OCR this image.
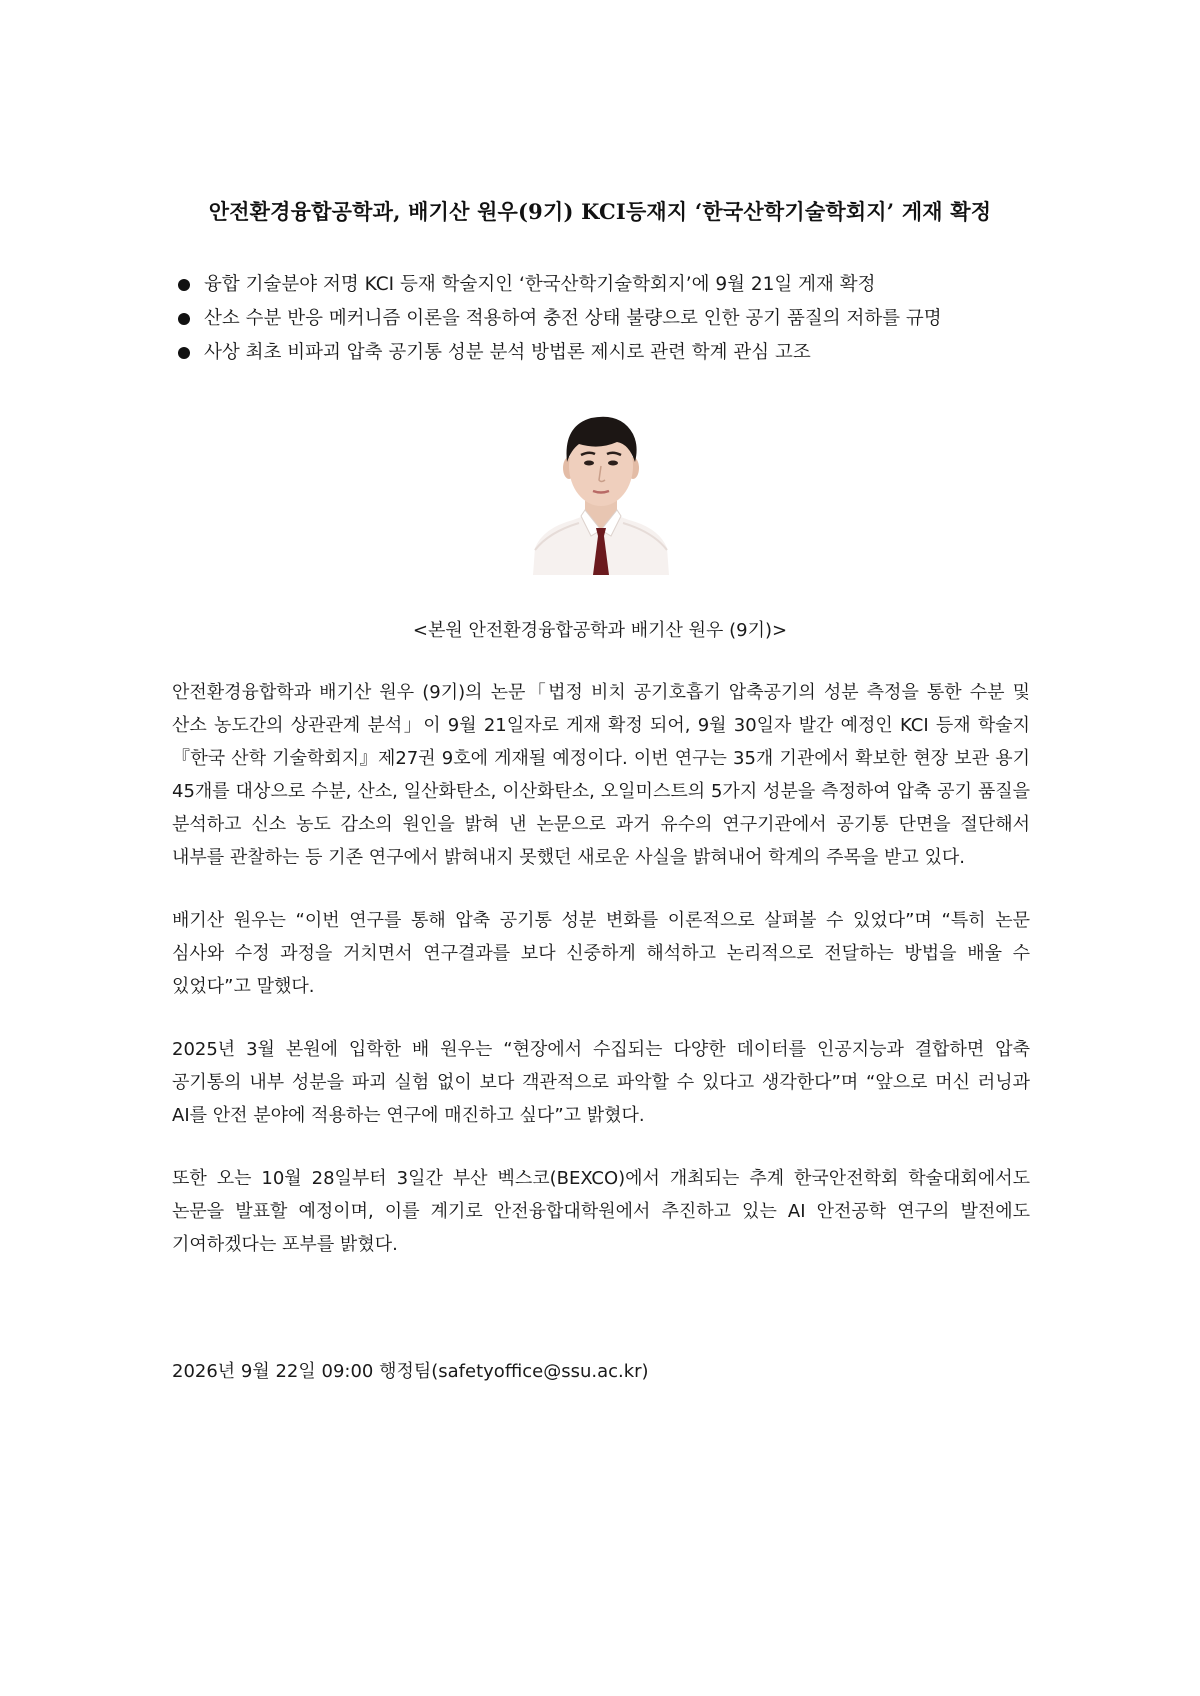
안전환경융합공학과, 배기산 원우(9기) KCI등재지 ‘한국산학기술학회지’ 게재 확정
융합 기술분야 저명 KCI 등재 학술지인 ‘한국산학기술학회지’에 9월 21일 게재 확정
산소 수분 반응 메커니즘 이론을 적용하여 충전 상태 불량으로 인한 공기 품질의 저하를 규명
사상 최초 비파괴 압축 공기통 성분 분석 방법론 제시로 관련 학계 관심 고조
<본원 안전환경융합공학과 배기산 원우 (9기)>

안전환경융합학과 배기산 원우 (9기)의 논문「법정 비치 공기호흡기 압축공기의 성분 측정을 통한 수분 및 산소 농도간의 상관관계 분석」이 9월 21일자로 게재 확정 되어, 9월 30일자 발간 예정인 KCI 등재 학술지『한국 산학 기술학회지』제27권 9호에 게재될 예정이다. 이번 연구는 35개 기관에서 확보한 현장 보관 용기 45개를 대상으로 수분, 산소, 일산화탄소, 이산화탄소, 오일미스트의 5가지 성분을 측정하여 압축 공기 품질을 분석하고 신소 농도 감소의 원인을 밝혀 낸 논문으로 과거 유수의 연구기관에서 공기통 단면을 절단해서 내부를 관찰하는 등 기존 연구에서 밝혀내지 못했던 새로운 사실을 밝혀내어 학계의 주목을 받고 있다.

배기산 원우는 “이번 연구를 통해 압축 공기통 성분 변화를 이론적으로 살펴볼 수 있었다”며 “특히 논문 심사와 수정 과정을 거치면서 연구결과를 보다 신중하게 해석하고 논리적으로 전달하는 방법을 배울 수 있었다”고 말했다.

2025년 3월 본원에 입학한 배 원우는 “현장에서 수집되는 다양한 데이터를 인공지능과 결합하면 압축 공기통의 내부 성분을 파괴 실험 없이 보다 객관적으로 파악할 수 있다고 생각한다”며 “앞으로 머신 러닝과 AI를 안전 분야에 적용하는 연구에 매진하고 싶다”고 밝혔다.

또한 오는 10월 28일부터 3일간 부산 벡스코(BEXCO)에서 개최되는 추계 한국안전학회 학술대회에서도 논문을 발표할 예정이며, 이를 계기로 안전융합대학원에서 추진하고 있는 AI 안전공학 연구의 발전에도 기여하겠다는 포부를 밝혔다.

2026년 9월 22일 09:00 행정팀(safetyoffice@ssu.ac.kr)
